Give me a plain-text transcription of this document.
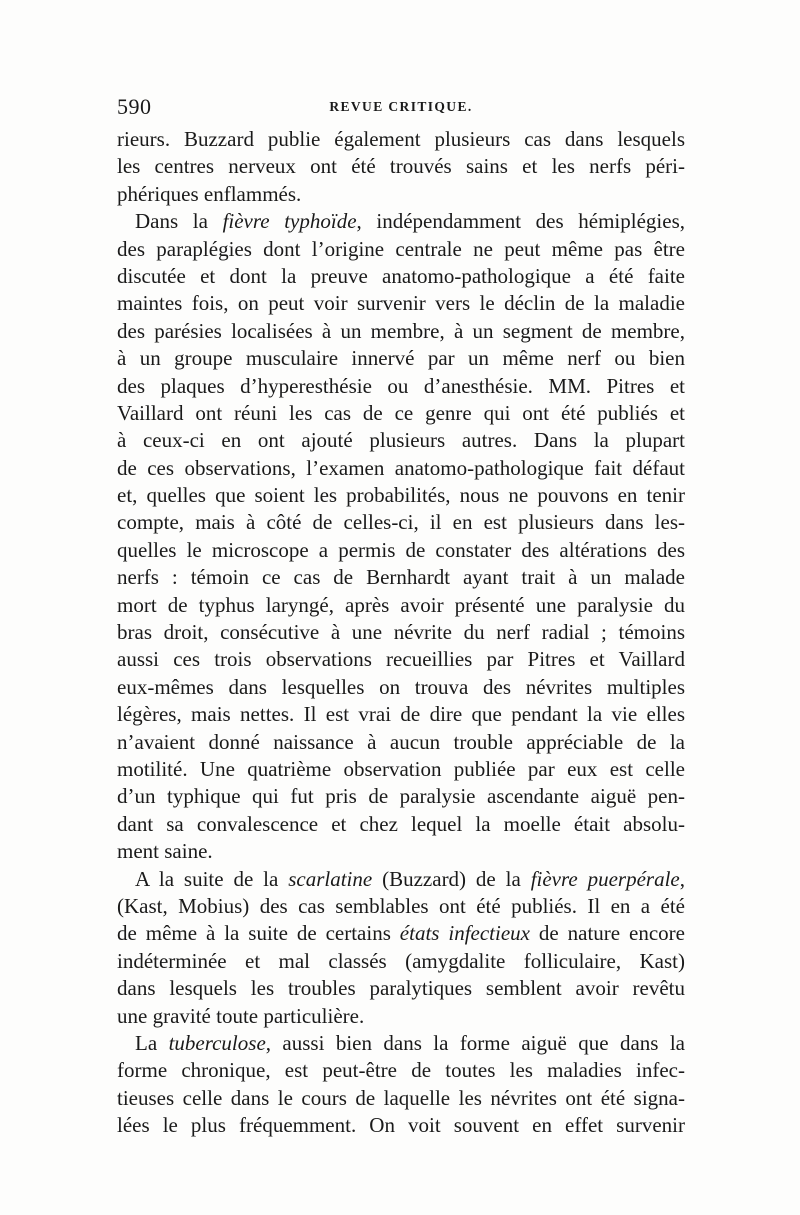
590	REVUE CRITIQUE.
rieurs. Buzzard publie également plusieurs cas dans lesquels
les centres nerveux ont été trouvés sains et les nerfs péri-
phériques enflammés.
Dans la fièvre typhoïde, indépendamment des hémiplégies,
des paraplégies dont l’origine centrale ne peut même pas être
discutée et dont la preuve anatomo-pathologique a été faite
maintes fois, on peut voir survenir vers le déclin de la maladie
des parésies localisées à un membre, à un segment de membre,
à un groupe musculaire innervé par un même nerf ou bien
des plaques d’hyperesthésie ou d’anesthésie. MM. Pitres et
Vaillard ont réuni les cas de ce genre qui ont été publiés et
à ceux-ci en ont ajouté plusieurs autres. Dans la plupart
de ces observations, l’examen anatomo-pathologique fait défaut
et, quelles que soient les probabilités, nous ne pouvons en tenir
compte, mais à côté de celles-ci, il en est plusieurs dans les-
quelles le microscope a permis de constater des altérations des
nerfs : témoin ce cas de Bernhardt ayant trait à un malade
mort de typhus laryngé, après avoir présenté une paralysie du
bras droit, consécutive à une névrite du nerf radial ; témoins
aussi ces trois observations recueillies par Pitres et Vaillard
eux-mêmes dans lesquelles on trouva des névrites multiples
légères, mais nettes. Il est vrai de dire que pendant la vie elles
n’avaient donné naissance à aucun trouble appréciable de la
motilité. Une quatrième observation publiée par eux est celle
d’un typhique qui fut pris de paralysie ascendante aiguë pen-
dant sa convalescence et chez lequel la moelle était absolu-
ment saine.
A la suite de la scarlatine (Buzzard) de la fièvre puerpérale,
(Kast, Mobius) des cas semblables ont été publiés. Il en a été
de même à la suite de certains états infectieux de nature encore
indéterminée et mal classés (amygdalite folliculaire, Kast)
dans lesquels les troubles paralytiques semblent avoir revêtu
une gravité toute particulière.
La tuberculose, aussi bien dans la forme aiguë que dans la
forme chronique, est peut-être de toutes les maladies infec-
tieuses celle dans le cours de laquelle les névrites ont été signa-
lées le plus fréquemment. On voit souvent en effet survenir
